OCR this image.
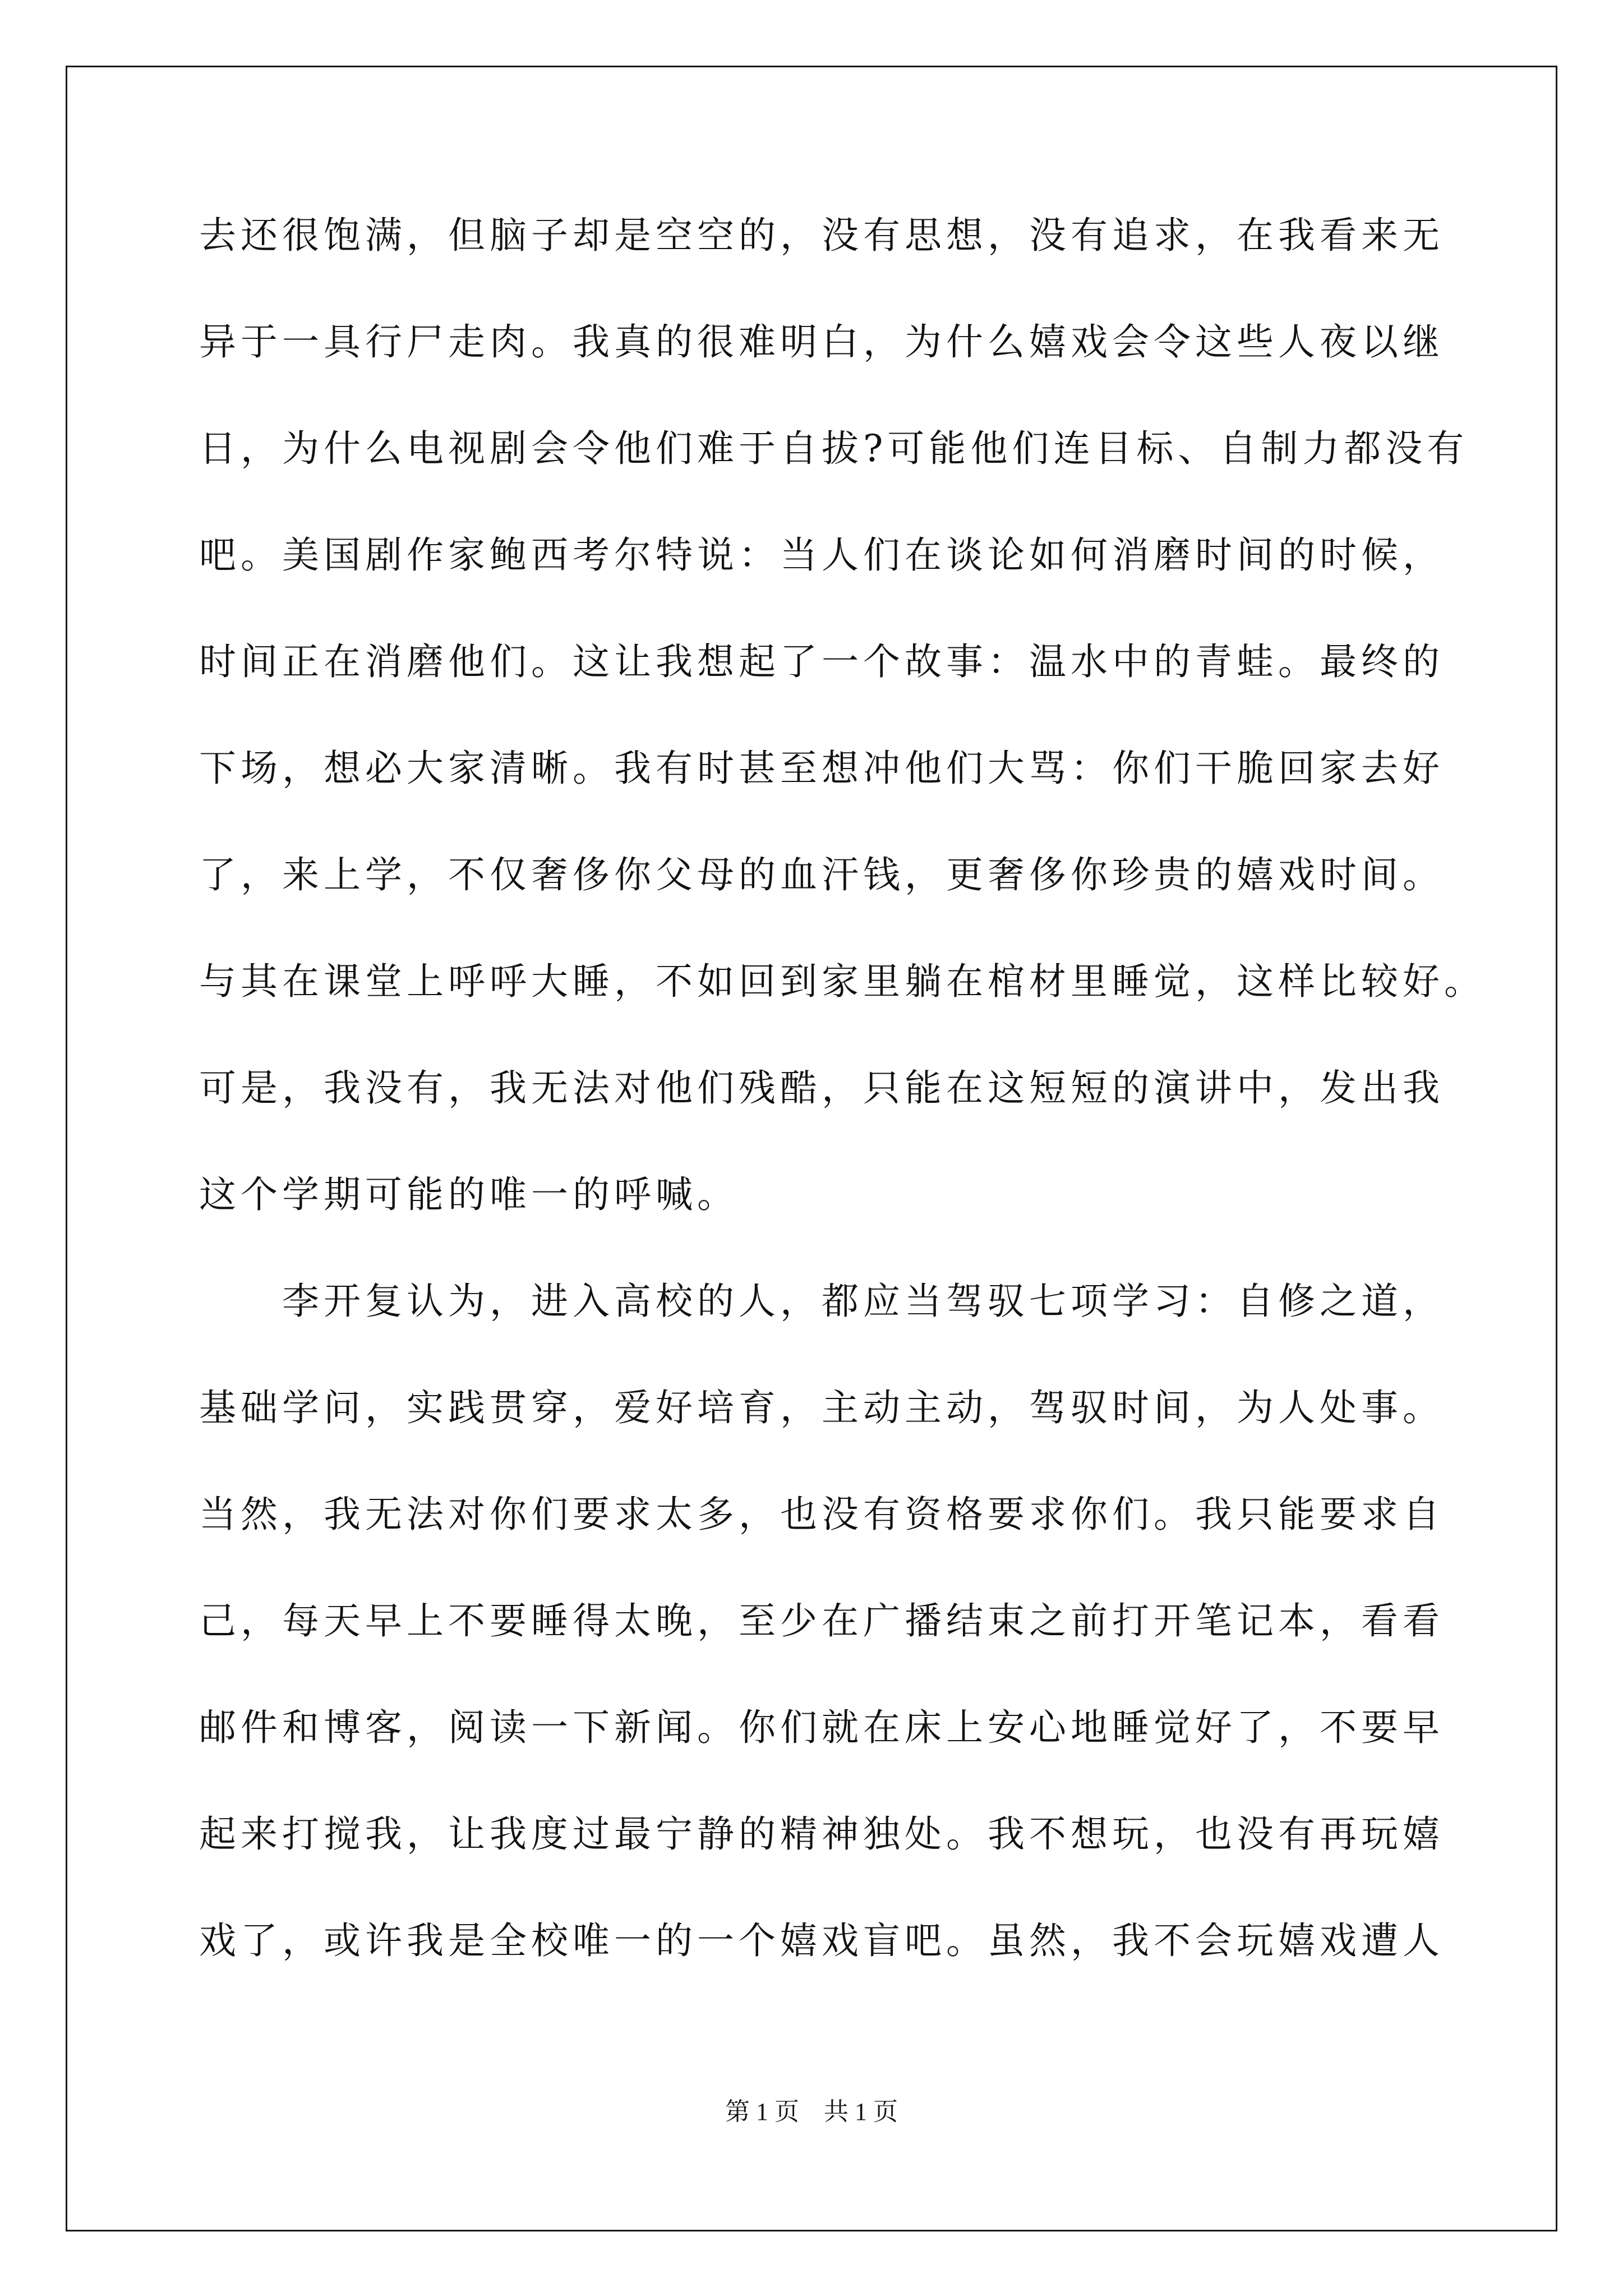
去还很饱满，但脑子却是空空的，没有思想，没有追求，在我看来无
异于一具行尸走肉。我真的很难明白，为什么嬉戏会令这些人夜以继
日，为什么电视剧会令他们难于自拔?可能他们连目标、自制力都没有
吧。美国剧作家鲍西考尔特说：当人们在谈论如何消磨时间的时候，
时间正在消磨他们。这让我想起了一个故事：温水中的青蛙。最终的
下场，想必大家清晰。我有时甚至想冲他们大骂：你们干脆回家去好
了，来上学，不仅奢侈你父母的血汗钱，更奢侈你珍贵的嬉戏时间。
与其在课堂上呼呼大睡，不如回到家里躺在棺材里睡觉，这样比较好。
可是，我没有，我无法对他们残酷，只能在这短短的演讲中，发出我
这个学期可能的唯一的呼喊。
　　李开复认为，进入高校的人，都应当驾驭七项学习：自修之道，
基础学问，实践贯穿，爱好培育，主动主动，驾驭时间，为人处事。
当然，我无法对你们要求太多，也没有资格要求你们。我只能要求自
己，每天早上不要睡得太晚，至少在广播结束之前打开笔记本，看看
邮件和博客，阅读一下新闻。你们就在床上安心地睡觉好了，不要早
起来打搅我，让我度过最宁静的精神独处。我不想玩，也没有再玩嬉
戏了，或许我是全校唯一的一个嬉戏盲吧。虽然，我不会玩嬉戏遭人
第 1 页　共 1 页
